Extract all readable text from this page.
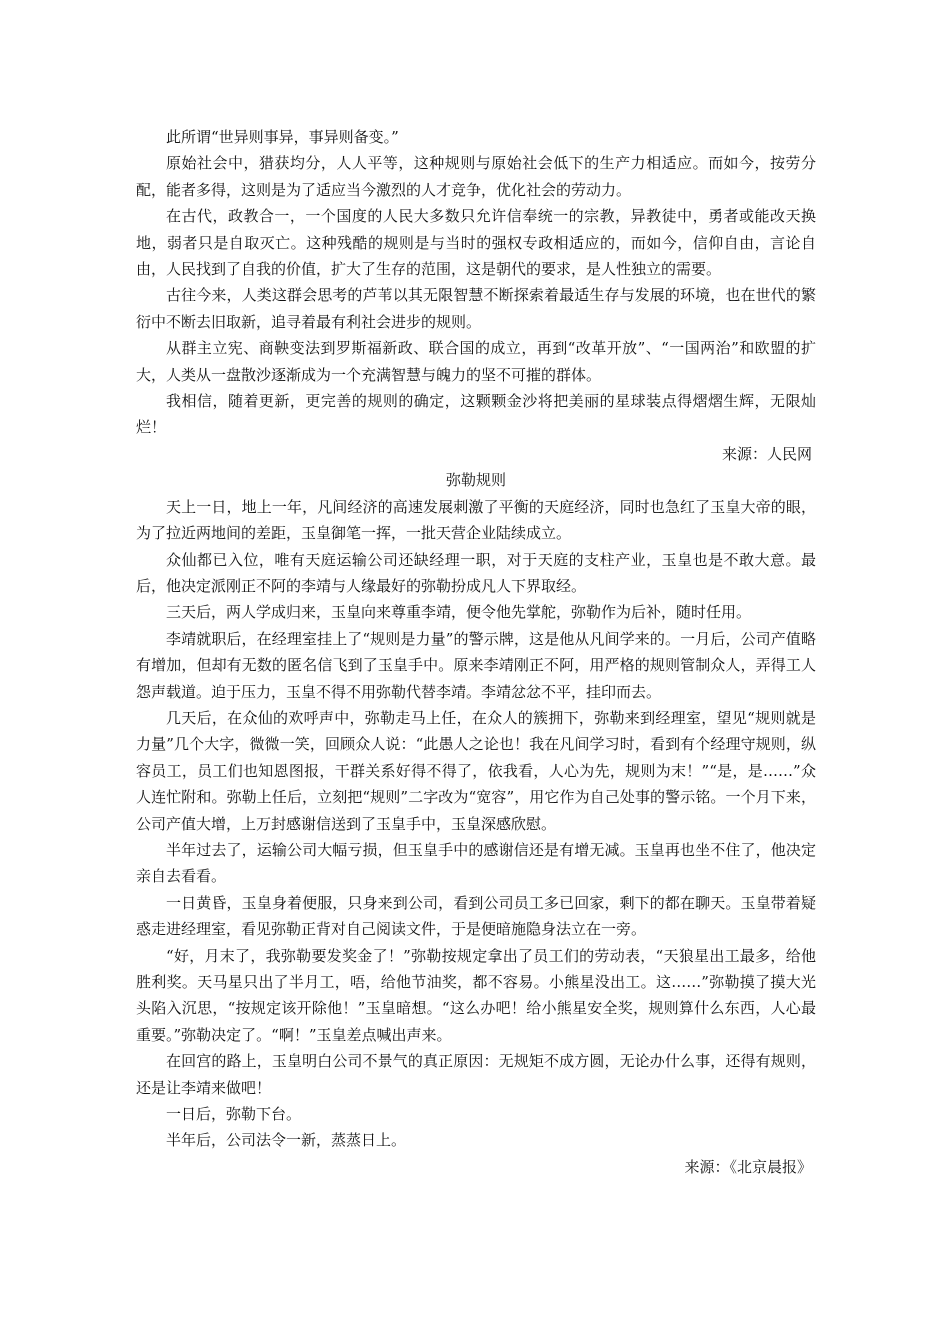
此所谓“世异则事异，事异则备变。”

原始社会中，猎获均分，人人平等，这种规则与原始社会低下的生产力相适应。而如今，按劳分配，能者多得，这则是为了适应当今激烈的人才竞争，优化社会的劳动力。

在古代，政教合一，一个国度的人民大多数只允许信奉统一的宗教，异教徒中，勇者或能改天换地，弱者只是自取灭亡。这种残酷的规则是与当时的强权专政相适应的，而如今，信仰自由，言论自由，人民找到了自我的价值，扩大了生存的范围，这是朝代的要求，是人性独立的需要。

古往今来，人类这群会思考的芦苇以其无限智慧不断探索着最适生存与发展的环境，也在世代的繁衍中不断去旧取新，追寻着最有利社会进步的规则。

从群主立宪、商鞅变法到罗斯福新政、联合国的成立，再到“改革开放”、“一国两治”和欧盟的扩大，人类从一盘散沙逐渐成为一个充满智慧与魄力的坚不可摧的群体。

我相信，随着更新，更完善的规则的确定，这颗颗金沙将把美丽的星球装点得熠熠生辉，无限灿烂！

来源：人民网

弥勒规则

天上一日，地上一年，凡间经济的高速发展刺激了平衡的天庭经济，同时也急红了玉皇大帝的眼，为了拉近两地间的差距，玉皇御笔一挥，一批天营企业陆续成立。

众仙都已入位，唯有天庭运输公司还缺经理一职，对于天庭的支柱产业，玉皇也是不敢大意。最后，他决定派刚正不阿的李靖与人缘最好的弥勒扮成凡人下界取经。

三天后，两人学成归来，玉皇向来尊重李靖，便令他先掌舵，弥勒作为后补，随时任用。

李靖就职后，在经理室挂上了“规则是力量”的警示牌，这是他从凡间学来的。一月后，公司产值略有增加，但却有无数的匿名信飞到了玉皇手中。原来李靖刚正不阿，用严格的规则管制众人，弄得工人怨声载道。迫于压力，玉皇不得不用弥勒代替李靖。李靖忿忿不平，挂印而去。

几天后，在众仙的欢呼声中，弥勒走马上任，在众人的簇拥下，弥勒来到经理室，望见“规则就是力量”几个大字，微微一笑，回顾众人说：“此愚人之论也！我在凡间学习时，看到有个经理守规则，纵容员工，员工们也知恩图报，干群关系好得不得了，依我看，人心为先，规则为末！”“是，是……”众人连忙附和。弥勒上任后，立刻把“规则”二字改为“宽容”，用它作为自己处事的警示铭。一个月下来，公司产值大增，上万封感谢信送到了玉皇手中，玉皇深感欣慰。

半年过去了，运输公司大幅亏损，但玉皇手中的感谢信还是有增无减。玉皇再也坐不住了，他决定亲自去看看。

一日黄昏，玉皇身着便服，只身来到公司，看到公司员工多已回家，剩下的都在聊天。玉皇带着疑惑走进经理室，看见弥勒正背对自己阅读文件，于是便暗施隐身法立在一旁。

“好，月末了，我弥勒要发奖金了！”弥勒按规定拿出了员工们的劳动表，“天狼星出工最多，给他胜利奖。天马星只出了半月工，唔，给他节油奖，都不容易。小熊星没出工。这……”弥勒摸了摸大光头陷入沉思，“按规定该开除他！”玉皇暗想。“这么办吧！给小熊星安全奖，规则算什么东西，人心最重要。”弥勒决定了。“啊！”玉皇差点喊出声来。

在回宫的路上，玉皇明白公司不景气的真正原因：无规矩不成方圆，无论办什么事，还得有规则，还是让李靖来做吧！

一日后，弥勒下台。

半年后，公司法令一新，蒸蒸日上。

来源：《北京晨报》
